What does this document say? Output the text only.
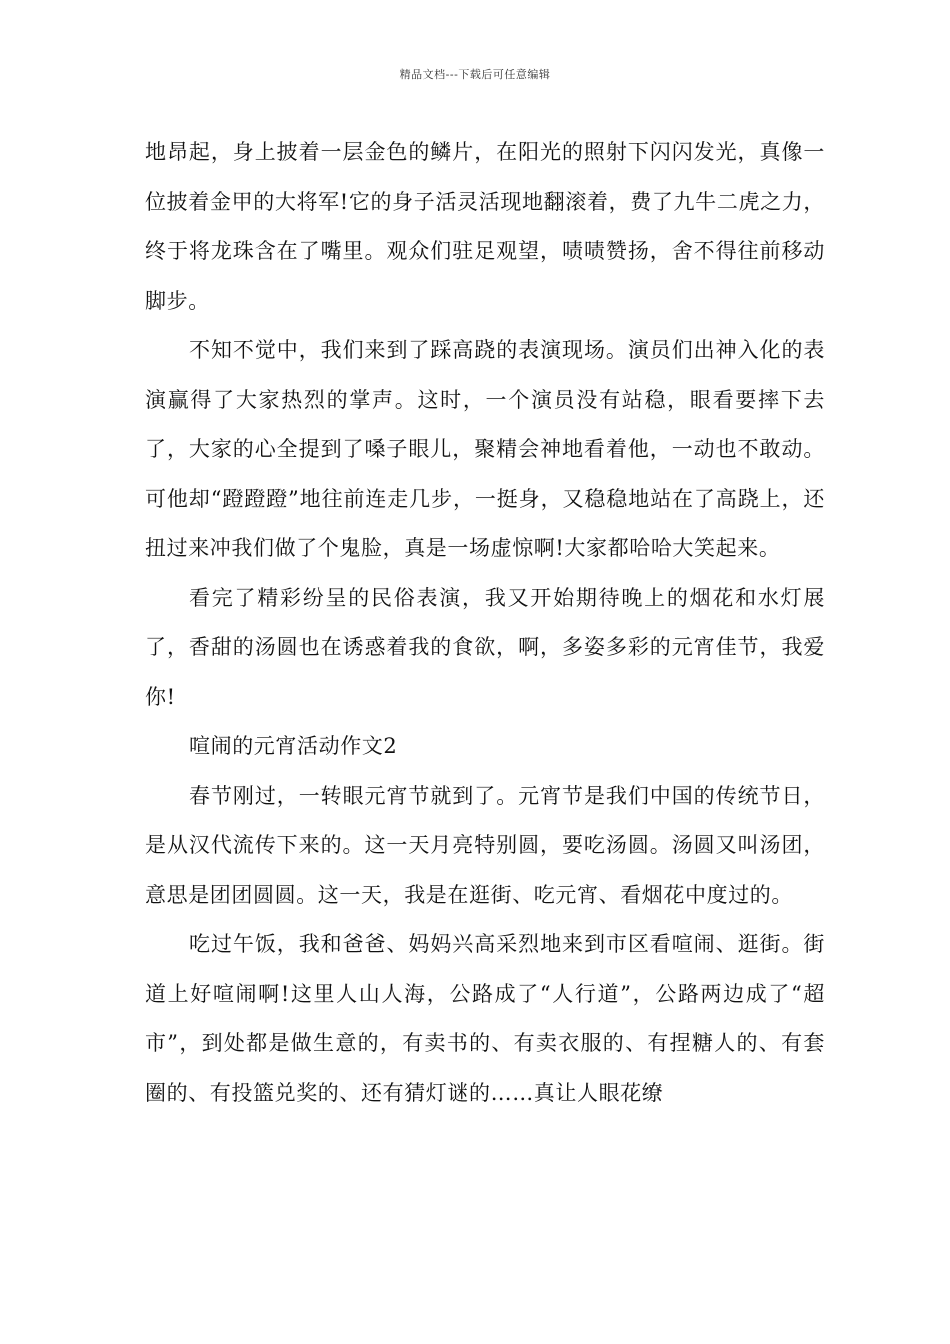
精品文档---下载后可任意编辑

地昂起，身上披着一层金色的鳞片，在阳光的照射下闪闪发光，真像一位披着金甲的大将军!它的身子活灵活现地翻滚着，费了九牛二虎之力，终于将龙珠含在了嘴里。观众们驻足观望，啧啧赞扬，舍不得往前移动脚步。

不知不觉中，我们来到了踩高跷的表演现场。演员们出神入化的表演赢得了大家热烈的掌声。这时，一个演员没有站稳，眼看要摔下去了，大家的心全提到了嗓子眼儿，聚精会神地看着他，一动也不敢动。可他却“蹬蹬蹬”地往前连走几步，一挺身，又稳稳地站在了高跷上，还扭过来冲我们做了个鬼脸，真是一场虚惊啊!大家都哈哈大笑起来。

看完了精彩纷呈的民俗表演，我又开始期待晚上的烟花和水灯展了，香甜的汤圆也在诱惑着我的食欲，啊，多姿多彩的元宵佳节，我爱你!

喧闹的元宵活动作文2

春节刚过，一转眼元宵节就到了。元宵节是我们中国的传统节日，是从汉代流传下来的。这一天月亮特别圆，要吃汤圆。汤圆又叫汤团，意思是团团圆圆。这一天，我是在逛街、吃元宵、看烟花中度过的。

吃过午饭，我和爸爸、妈妈兴高采烈地来到市区看喧闹、逛街。街道上好喧闹啊!这里人山人海，公路成了“人行道”，公路两边成了“超市”，到处都是做生意的，有卖书的、有卖衣服的、有捏糖人的、有套圈的、有投篮兑奖的、还有猜灯谜的……真让人眼花缭
